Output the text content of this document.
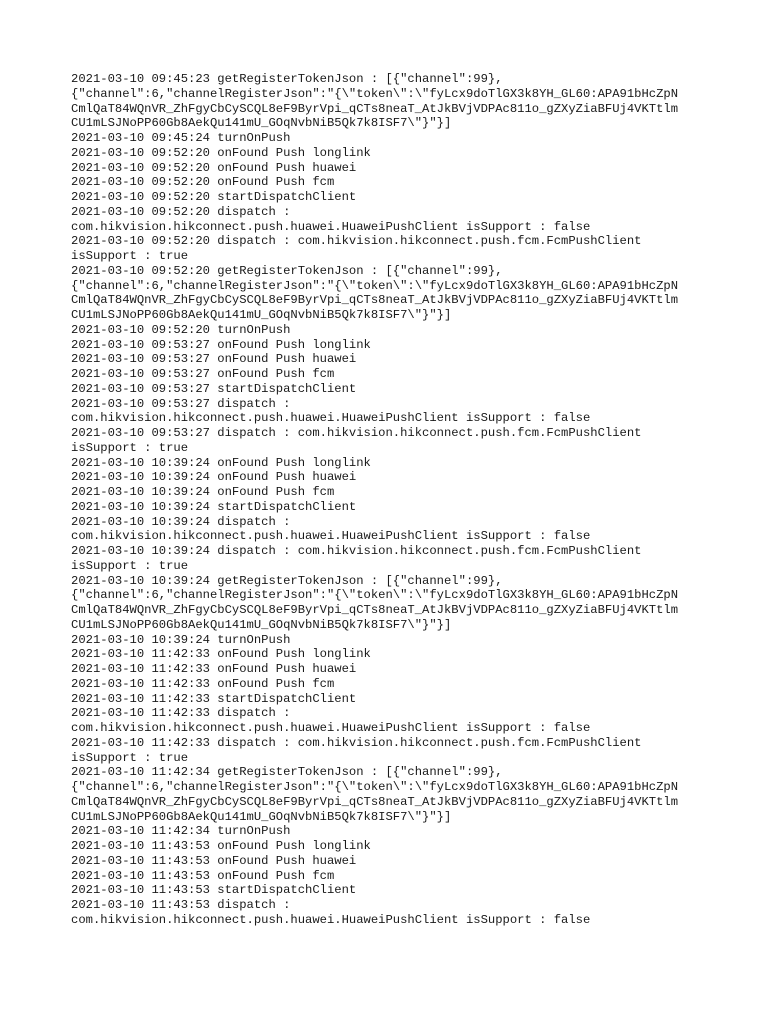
2021-03-10 09:45:23 getRegisterTokenJson : [{"channel":99},
{"channel":6,"channelRegisterJson":"{\"token\":\"fyLcx9doTlGX3k8YH_GL60:APA91bHcZpN
CmlQaT84WQnVR_ZhFgyCbCySCQL8eF9ByrVpi_qCTs8neaT_AtJkBVjVDPAc811o_gZXyZiaBFUj4VKTtlm
CU1mLSJNoPP60Gb8AekQu141mU_GOqNvbNiB5Qk7k8ISF7\"}"}]
2021-03-10 09:45:24 turnOnPush
2021-03-10 09:52:20 onFound Push longlink
2021-03-10 09:52:20 onFound Push huawei
2021-03-10 09:52:20 onFound Push fcm
2021-03-10 09:52:20 startDispatchClient
2021-03-10 09:52:20 dispatch :
com.hikvision.hikconnect.push.huawei.HuaweiPushClient isSupport : false
2021-03-10 09:52:20 dispatch : com.hikvision.hikconnect.push.fcm.FcmPushClient
isSupport : true
2021-03-10 09:52:20 getRegisterTokenJson : [{"channel":99},
{"channel":6,"channelRegisterJson":"{\"token\":\"fyLcx9doTlGX3k8YH_GL60:APA91bHcZpN
CmlQaT84WQnVR_ZhFgyCbCySCQL8eF9ByrVpi_qCTs8neaT_AtJkBVjVDPAc811o_gZXyZiaBFUj4VKTtlm
CU1mLSJNoPP60Gb8AekQu141mU_GOqNvbNiB5Qk7k8ISF7\"}"}]
2021-03-10 09:52:20 turnOnPush
2021-03-10 09:53:27 onFound Push longlink
2021-03-10 09:53:27 onFound Push huawei
2021-03-10 09:53:27 onFound Push fcm
2021-03-10 09:53:27 startDispatchClient
2021-03-10 09:53:27 dispatch :
com.hikvision.hikconnect.push.huawei.HuaweiPushClient isSupport : false
2021-03-10 09:53:27 dispatch : com.hikvision.hikconnect.push.fcm.FcmPushClient
isSupport : true
2021-03-10 10:39:24 onFound Push longlink
2021-03-10 10:39:24 onFound Push huawei
2021-03-10 10:39:24 onFound Push fcm
2021-03-10 10:39:24 startDispatchClient
2021-03-10 10:39:24 dispatch :
com.hikvision.hikconnect.push.huawei.HuaweiPushClient isSupport : false
2021-03-10 10:39:24 dispatch : com.hikvision.hikconnect.push.fcm.FcmPushClient
isSupport : true
2021-03-10 10:39:24 getRegisterTokenJson : [{"channel":99},
{"channel":6,"channelRegisterJson":"{\"token\":\"fyLcx9doTlGX3k8YH_GL60:APA91bHcZpN
CmlQaT84WQnVR_ZhFgyCbCySCQL8eF9ByrVpi_qCTs8neaT_AtJkBVjVDPAc811o_gZXyZiaBFUj4VKTtlm
CU1mLSJNoPP60Gb8AekQu141mU_GOqNvbNiB5Qk7k8ISF7\"}"}]
2021-03-10 10:39:24 turnOnPush
2021-03-10 11:42:33 onFound Push longlink
2021-03-10 11:42:33 onFound Push huawei
2021-03-10 11:42:33 onFound Push fcm
2021-03-10 11:42:33 startDispatchClient
2021-03-10 11:42:33 dispatch :
com.hikvision.hikconnect.push.huawei.HuaweiPushClient isSupport : false
2021-03-10 11:42:33 dispatch : com.hikvision.hikconnect.push.fcm.FcmPushClient
isSupport : true
2021-03-10 11:42:34 getRegisterTokenJson : [{"channel":99},
{"channel":6,"channelRegisterJson":"{\"token\":\"fyLcx9doTlGX3k8YH_GL60:APA91bHcZpN
CmlQaT84WQnVR_ZhFgyCbCySCQL8eF9ByrVpi_qCTs8neaT_AtJkBVjVDPAc811o_gZXyZiaBFUj4VKTtlm
CU1mLSJNoPP60Gb8AekQu141mU_GOqNvbNiB5Qk7k8ISF7\"}"}]
2021-03-10 11:42:34 turnOnPush
2021-03-10 11:43:53 onFound Push longlink
2021-03-10 11:43:53 onFound Push huawei
2021-03-10 11:43:53 onFound Push fcm
2021-03-10 11:43:53 startDispatchClient
2021-03-10 11:43:53 dispatch :
com.hikvision.hikconnect.push.huawei.HuaweiPushClient isSupport : false
